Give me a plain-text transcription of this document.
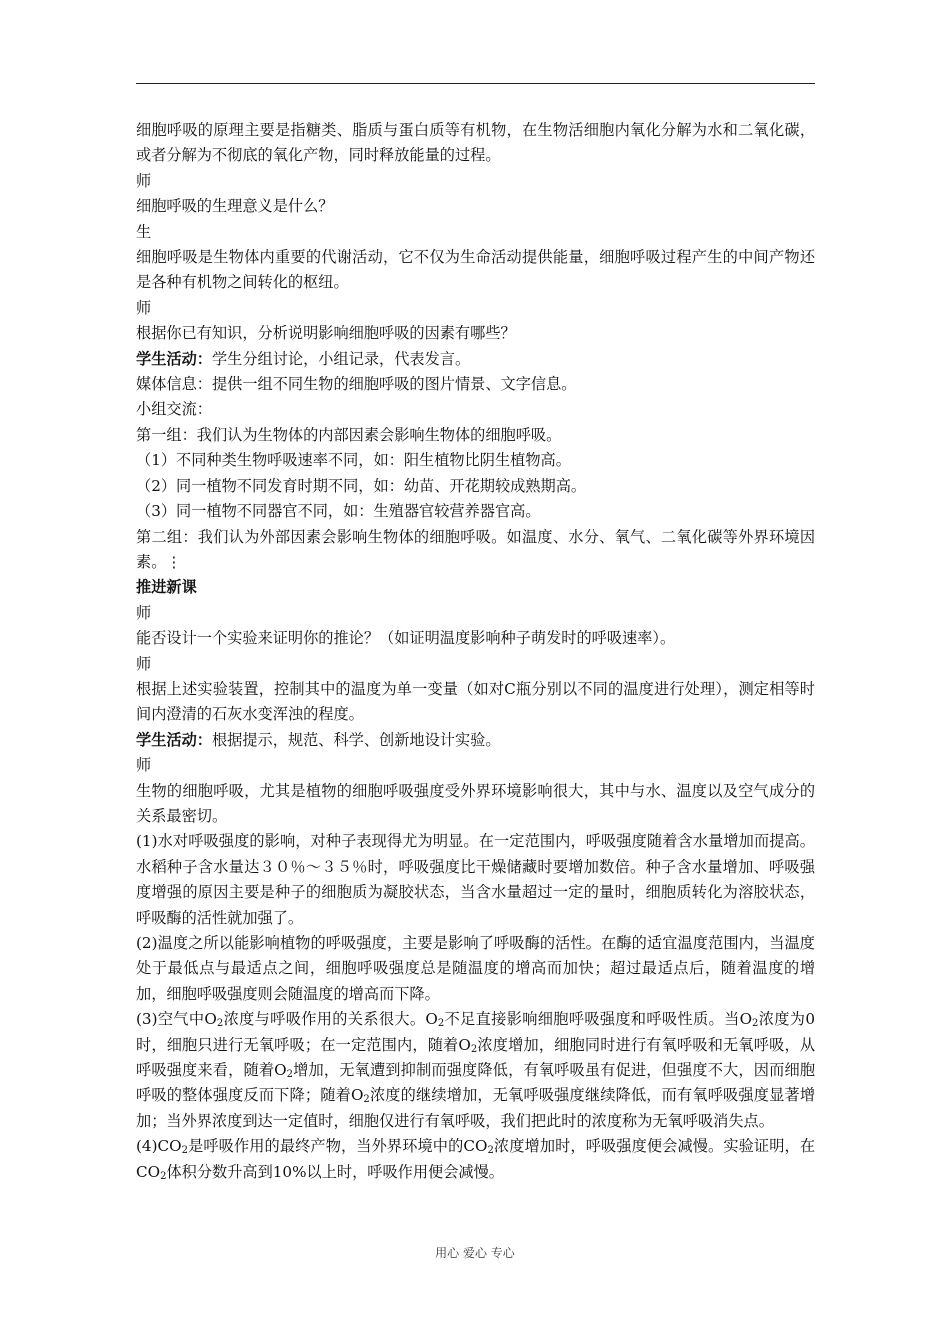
细胞呼吸的原理主要是指糖类、脂质与蛋白质等有机物，在生物活细胞内氧化分解为水和二氧化碳，或者分解为不彻底的氧化产物，同时释放能量的过程。

师

细胞呼吸的生理意义是什么？

生

细胞呼吸是生物体内重要的代谢活动，它不仅为生命活动提供能量，细胞呼吸过程产生的中间产物还是各种有机物之间转化的枢纽。

师

根据你已有知识，分析说明影响细胞呼吸的因素有哪些？

学生活动：学生分组讨论，小组记录，代表发言。

媒体信息：提供一组不同生物的细胞呼吸的图片情景、文字信息。

小组交流：

第一组：我们认为生物体的内部因素会影响生物体的细胞呼吸。

（1）不同种类生物呼吸速率不同，如：阳生植物比阴生植物高。

（2）同一植物不同发育时期不同，如：幼苗、开花期较成熟期高。

（3）同一植物不同器官不同，如：生殖器官较营养器官高。

第二组：我们认为外部因素会影响生物体的细胞呼吸。如温度、水分、氧气、二氧化碳等外界环境因素。⋮

推进新课

师

能否设计一个实验来证明你的推论？（如证明温度影响种子萌发时的呼吸速率）。

师

根据上述实验装置，控制其中的温度为单一变量（如对C瓶分别以不同的温度进行处理），测定相等时间内澄清的石灰水变浑浊的程度。

学生活动：根据提示，规范、科学、创新地设计实验。

师

生物的细胞呼吸，尤其是植物的细胞呼吸强度受外界环境影响很大，其中与水、温度以及空气成分的关系最密切。

(1)水对呼吸强度的影响，对种子表现得尤为明显。在一定范围内，呼吸强度随着含水量增加而提高。水稻种子含水量达３０％～３５％时，呼吸强度比干燥储藏时要增加数倍。种子含水量增加、呼吸强度增强的原因主要是种子的细胞质为凝胶状态，当含水量超过一定的量时，细胞质转化为溶胶状态，呼吸酶的活性就加强了。

(2)温度之所以能影响植物的呼吸强度，主要是影响了呼吸酶的活性。在酶的适宜温度范围内，当温度处于最低点与最适点之间，细胞呼吸强度总是随温度的增高而加快；超过最适点后，随着温度的增加，细胞呼吸强度则会随温度的增高而下降。

(3)空气中$O_2$浓度与呼吸作用的关系很大。$O_2$不足直接影响细胞呼吸强度和呼吸性质。当$O_2$浓度为0时，细胞只进行无氧呼吸；在一定范围内，随着$O_2$浓度增加，细胞同时进行有氧呼吸和无氧呼吸，从呼吸强度来看，随着$O_2$增加，无氧遭到抑制而强度降低，有氧呼吸虽有促进，但强度不大，因而细胞呼吸的整体强度反而下降；随着$O_2$浓度的继续增加，无氧呼吸强度继续降低，而有氧呼吸强度显著增加；当外界浓度到达一定值时，细胞仅进行有氧呼吸，我们把此时的浓度称为无氧呼吸消失点。

$(4)CO_2$是呼吸作用的最终产物，当外界环境中的$CO_2$浓度增加时，呼吸强度便会减慢。实验证明，在$CO_2$体积分数升高到10%以上时，呼吸作用便会减慢。

用心 爱心 专心
